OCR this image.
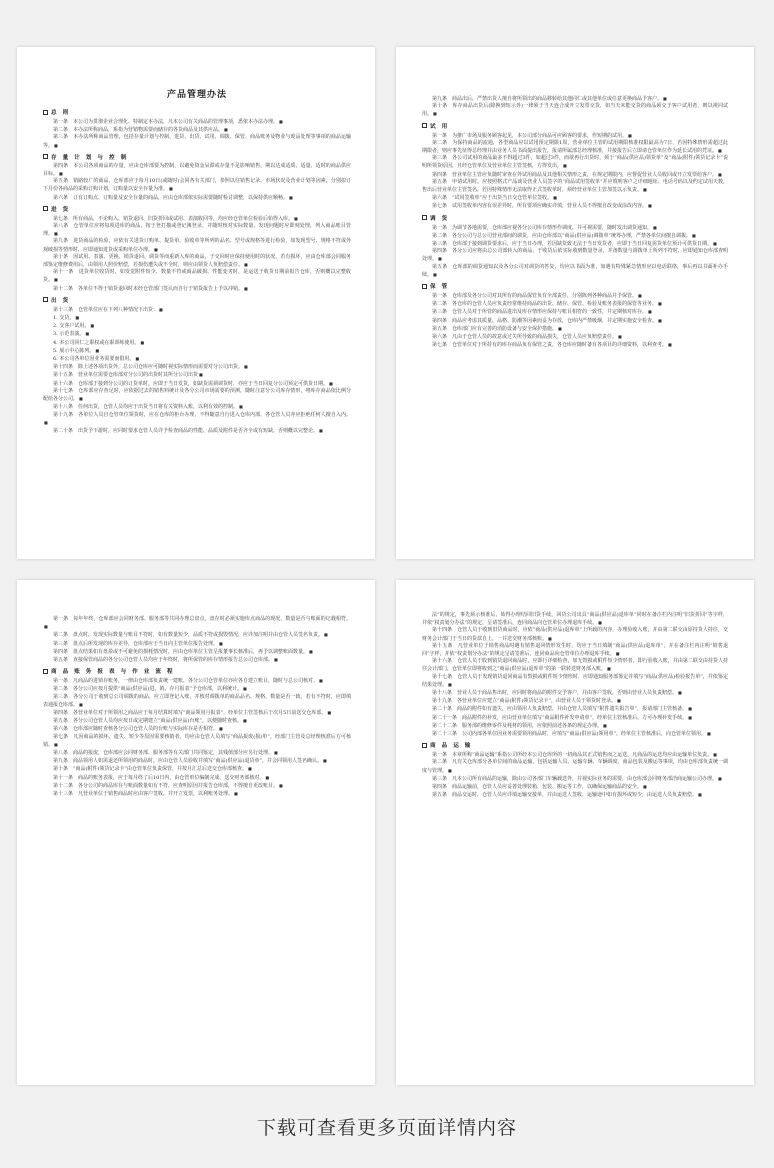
产品管理办法
总则

第一条　本公司为贯彻企业合理化、特制定本办法，凡本公司有关商品的管理事项，悉依本办法办理。■

第二条　本办法所称商品，系指为营销物需要而储存的各货商品及其供应品。■

第三条　本办法所称商品管理，包括存量计划与控制、进货、出货、试用、调拨、保管、商品账务及物业与废品处理等事项的商品运输等。■

存量计划与控制

第四条　本公司各项商品的存量，应由仓库部要为控制，以避免资金呆滞或存量不足影响销售，期以达成适质、适量、适时的商品供应目标。■

第五条　销路较广的商品，仓库部应于每月10日(或随时)会同各有关部门，参照以往销售记录、市场状况及营业计划等因素，分别拟订下月份各商品的采购订购计划，订购量以安全存量为准。■

第六条　订有订购点、订购量及安全存量的商品，应由仓库部依实际需要随时检讨调整，以保持供应顺畅。■

进货

第七条　所有商品，不论购入、销货退回、旧货折回或试用、表演收回等，均应经仓管单位检验后始得入库。■

第八条　仓管单位应将每项进库的商品，按于登打描或登记簿登录，并随时核对实际数量，发现问题时应即刻处理，列入商品账目管理。■

第九条　进货商品的检验，应依有关进货订购单、提货单、验收单等所列的品名、型号或规格等进行检验，如发现型号、规格不符或外观破损等情形时，应即通知进货或采购单位办理。■

第十条　因试用、表演、更换、销货退回、调货等而重新入库的商品，于交回时应保持使用时的状况，若有损坏，应由仓库部会同服务部鉴定维修费用后，由领用人照价赔偿，若损伤遭失或不全时，则应由领货人负赔偿责任。■

第十一条　进货单位收货时，如发觉附件短少、数量不符或商品破损、性能变劣时，是运送于收货日期前报告仓库，否则概以完整收货。■

第十二条　各单位不得于销货退回时未经仓管部门签认而自行于销货报告上予以冲销。■

出货

第十三条　仓管单位应在下列八种情况下出货：■

1. 交货。■

2. 交客户试用。■

3. 示范表演。■

4. 本公司同仁之职权或在职训练使用。■

5. 展示中心陈列。■

6. 本公司各单位因业务需要而借用。■

第十四条　除上述各项出货外，总公司仓库应可随时视实际情形而需要对分公司出货。■

第十五条　营业单位需要仓库部对分公司的出货时其所分公司出货■

第十六条　仓库部于接到分公司的订货单时，应即于当日发货，如缺货需须调货时，亦应于当日回复分公司预定可供货日期。■

第十七条　仓库部应存查足时，应依据过去的销售料统计及各分公司市场需要的预测，随时注意分公司库存情形，将库存商品依比例分配给各分公司。■

第十八条　任何出货，仓管人员均应于出货当日将有关资料入账，以利有效的控制。■

第十九条　各单位人员自仓管单位领货时，应在仓库的柜台办理，不得随意自行进入仓库内部，各仓管人员亦应拒绝任何人擅自入内。■

第二十条　出货予下游时，应同时要求仓管人员详予检查商品的性能、品质及附件是否齐全或有短缺，否则概以完整论。■

第九条　商品出后，严禁出货人擅自将所领出的商品移转给其他同仁或其他单位或任意更换商品予客户。■

第十条　库存商品出货后(除换到短示外)一律须于当天连合成开立发票交货，如当天未能交货的商品须交于客户试用者，则以视同试用。■

试用

第一条　为推广市场及服务顾客起见，本公司部分商品可应顾客的要求，作短期的试用。■

第二条　为保持商品的流通，各型商品应以试用预定期限1周，营业单位主管的试用期限核准权限最高为7日，若因特殊情形需超过此期限者，则应事先征得总经理并由业务人员书面提出报告，报请所属部总经理核准，并接报告后立即请仓管单位作为延长试用的凭证。■

第三条　各公司试用的商品最多不得超过3件，如超过3件，而欲再行出货时，须于“商品(供应品)领货单”及“商品(附件)领货记录卡”说明所领货原因，且经仓管单位及营业单位主管签核，方得发出。■

第四条　营业单位主管应负随时审查在外试用商品及其他相关情形之责，在规定期限内，应督促营业人员收回或开立发票给客户。■

第五条　申请试用时，应按照格式产品谈及营业人员签字的“商品试用签收单”并应填明客户之详细地址、电话号码以及约定试用天数，售出后营业单位主管签名，若因特殊情形无法取得正式签收单时，须经营业单位主管加签以示负责。■

第六条　“试用签收单”应于出货当日交仓管单位签收。■

第七条　试用签收单内容有误差异时，所有要项应确实详填，营业人员不得擅自改变或涂改内容。■

调货

第一条　为调节各地需要，仓库部应视各分公司库存情形作调度，并可视需要，随时发出调货通知。■

第二条　各分公司与总公司营业部间的调货，应由仓库部以“商品(供应品)调拨单”统筹办理，严禁各单位间擅自调拨。■

第三条　仓库部于接到调货要求后，应于当日办理，若因缺货致无法于当日发货者，应即于当日回复需货单位预计可供货日期。■

第四条　各分公司应将由总公司部转入的商品，于收货后依实际收到数量登录，并备数量与调拨单上所列不符时，应即通知仓库部查明处理。■

第五条　仓库部的调货通知以及各分公司对调货的答复，均应以书面为准，如遇有特殊紧急情形应以电话联络，事后再以书面补办手续。■

保管

第一条　仓库部及各分公司对其所有的商品保管负有全部责任，分别陈列各种商品并予保管。■

第二条　各仓库的仓管人员应负责经常维持商品的出货、储存、保管、检验及账务表报的保管等业务。■

第三条　仓管人员对于所管的商品进出及库存情形应保持与账目相符的一致性，并定期核对库存。■

第四条　商品应考虑其质量、品格、防潮等因素而妥为存放，仓库内严禁吸烟，并定期实施安全检查。■

第五条　仓库部门应有完善的消防设备与安全保护措施。■

第六条　凡由于仓管人员的故意或过失所导致的商品损失，仓管人员应负赔偿责任。■

第七条　仓管单位对于所持有的库存商品负有保管之责，各仓库应随时备有各项目的详细资料，以利查考。■

第一条　每年年终，仓库部应会同财务部、服务部等共同办理总盘点，盘存时必须实施库点商品的现况，数量是否与账面的记载相符。■

第二条　盘点时，发现实际数量与账目不符时，如有数量短少，品质不符或损毁情况，应详加注明并由仓管人员签名负责。■

第三条　盘点后所发现的库存差异，仓库部应于当日向主管单位报告处理。■

第四条　盘点结果如有盘盈或不可避免的损耗情况时，应由仓库单位主管呈报董事长核准后，再予以调整账面数量。■

第五条　直接保管商品的各分公司仓管人员均应于年终时，将所保管的库存情形报告总公司仓库部。■

商品账务报表与作业流程

第一条　凡商品的进销存账务，一律由仓库部负责统一建账，各分公司仓管单位亦应各自建立账目，随时与总公司核对。■

第二条　各分公司应按月提供“商品(供应品)进、销、存月报表”予仓库部，以利统计。■

第三条　各分公司于收到总公司调拨的商品，应立即登记入账，并核对调拨单的商品品名、规格、数量是否一致，若有不符时，应即填表通报仓库部。■

第四条　各营业单位对于所领用之商品应于每月结算时填写“商品领用月报表”，经单位主管签核后于次月5日前送交仓库部。■

第五条　各分公司仓管人员均应按日或定期建立“商品(供应品)台账”，以便随时查核。■

第六条　仓库部应随时查核各分公司仓管人员的台账与实际库存是否相符。■

第七条　凡因商品的损坏、遗失、短少等原因需要核销者，均应由仓管人员填写“商品报废(损)单”，经部门主管及总经理核准后方可核销。■

第八条　商品的报废，仓库部应会同财务部、服务部等有关部门共同鉴定，其残值部分应另行处理。■

第九条　商品领用人如需退还所领用的商品时，应由仓管人员验收并填写“商品(供应品)退货单”，并会同领用人签名确认。■

第十条　“商品(附件)领货记录卡”由仓管单位负责保管，并按月汇总后送交仓库部核查。■

第十一条　商品的账务表报，应于每月终了后10日内，由仓管单位编制完成，送交财务部核对。■

第十二条　各分公司的商品库存与账面数量如有不符，应查明原因并报告仓库部，不得擅自更改账目。■

第十三条　凡营业单位于销售商品时应由客户签收，并开立发票，以利账务处理。■

法”的规定，事先须示核准后，始得办理结回旧货手续，回货公司出具“商品(供应品)退库单”同时在备注栏内注明“旧货折回”等字样，并依“权责划分办法”的规定，呈请签准后，连同商品向仓管单位办理退库手续。■

第十四条　仓管人员于收到旧货商品时，应依“商品(供应品)退库单”上所载的内容，办理验收入账，并由第二联交由原持货人持往，交财务会计部门于当日的货款自上，一并送交财务部核账。■

第十五条　凡营业单位于销售商品时遇有销售退回情形发生时，均应于当日填制“商品(供应品)退库单”，并在备注栏内注明“销售退回”字样，并依“权责划分办法”的规定呈请签准后，连同商品向仓管单位办理退库手续。■

第十六条　仓管人员于收到销货退回商品时，应即行详细检查，如无毁损或附件短少情形者，即行验收入账，并由第二联交由持货人持往会计部门，仓管单位即将收到之“商品(供应品)退库单”的第一联转送财务部入账。■

第十七条　仓管人员于发现销货退回商品有毁损或附件短少情形时，应即通知服务部鉴定并填写“商品(供应品)检验报告单”，并依鉴定结果处理。■

第十八条　营业人员于商品售出时，应同时将商品的附件交予客户，并由客户签收，否则由营业人员负责赔偿。■

第十九条　各营业单位应建立“商品(附件)领货记录卡”，由营业人员于领货时登录。■

第二十条　商品的附件如有遗失，应由领用人负责赔偿，并由仓管人员填写“附件遗失报告单”，报请部门主管核备。■

第二十一条　商品附件的补发，应由营业单位填写“商品附件补发申请单”，经单位主管核准后，方可办理补发手续。■

第二十二条　服务部的维修零件及耗材的领用，应依照前述各条的规定办理。■

第二十三条　公司内部各单位因业务需要领用商品时，应填写“商品(供应品)领用单”，经单位主管核准后，向仓管单位领用。■

商品运输

第一条　本章所称“商品运输”系指公司所经本公司仓库所的一切商品其正式销售而之运送，凡商品的运送均应由运输单位负责。■

第二条　凡有关仓库部分各单位间的商品运输，包括运输人员、运输车辆、车辆调度、商品包装及搬运等事项，均由仓库部负责统一调度与管理。■

第三条　凡本公司所有商品的运输，除由公司各部门车辆载送外，并视实际业务的需要，由仓库部会同财务部洽商运输公司办理。■

第四条　商品运输前，仓管人员应妥善处理装箱、包装、搬运等工作，以确保运输商品的安全。■

第五条　商品交运时，仓管人员应详填运输交接单，并由运送人签收，运输途中如有损坏或短少，由运送人员负责赔偿。■

下载可查看更多页面详情内容
